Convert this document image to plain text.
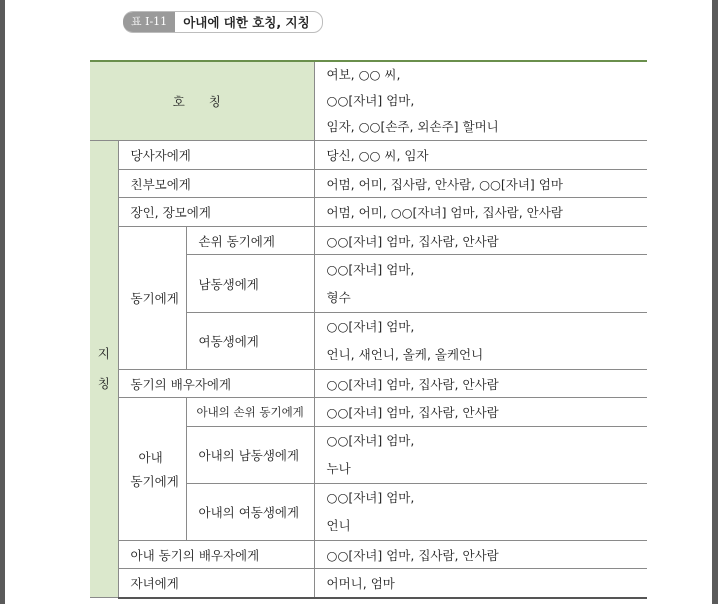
표 I-11	아내에 대한 호칭, 지칭
호 칭			여보, ○○ 씨,
○○[자녀] 엄마,
임자, ○○[손주, 외손주] 할머니

지
칭	당사자에게		당신, ○○ 씨, 임자
	친부모에게		어멈, 어미, 집사람, 안사람, ○○[자녀] 엄마
	장인, 장모에게		어멈, 어미, ○○[자녀] 엄마, 집사람, 안사람
	동기에게	손위 동기에게	○○[자녀] 엄마, 집사람, 안사람
		남동생에게	○○[자녀] 엄마,
형수

		여동생에게	○○[자녀] 엄마,
언니, 새언니, 올케, 올케언니

	동기의 배우자에게		○○[자녀] 엄마, 집사람, 안사람

	아내
동기에게	아내의 손위 동기에게	○○[자녀] 엄마, 집사람, 안사람
		아내의 남동생에게	○○[자녀] 엄마,
누나

		아내의 여동생에게	○○[자녀] 엄마,
언니

	아내 동기의 배우자에게		○○[자녀] 엄마, 집사람, 안사람
	자녀에게		어머니, 엄마
